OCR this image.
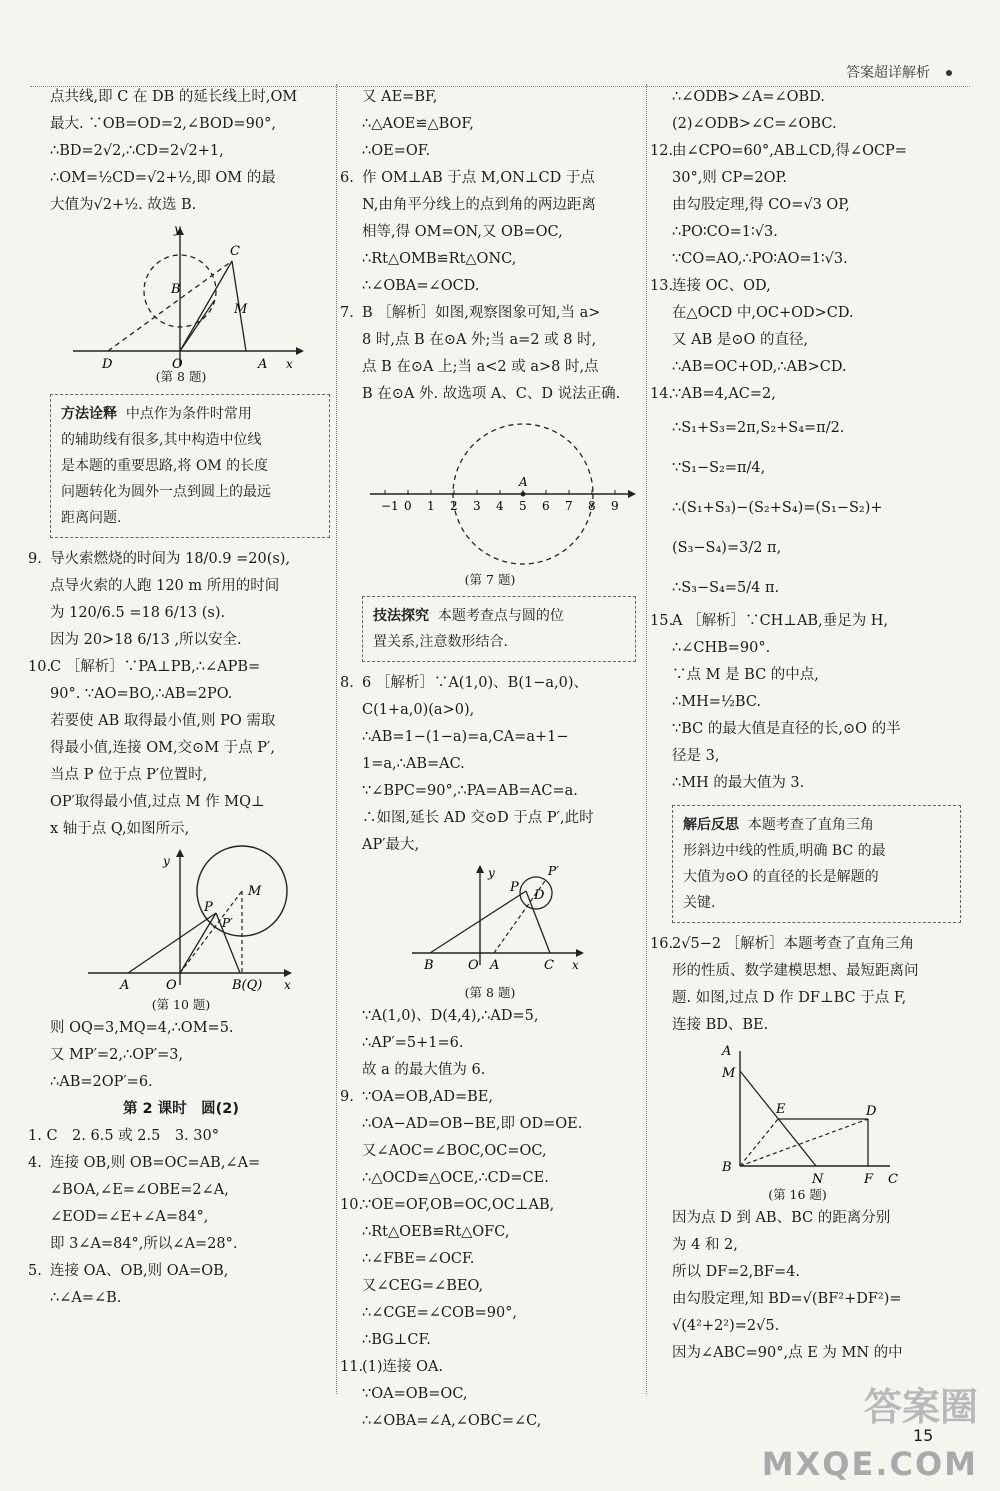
答案超详解析
点共线,即 C 在 DB 的延长线上时,OM
最大. ∵OB=OD=2,∠BOD=90°,
∴BD=2√2,∴CD=2√2+1,
∴OM=½CD=√2+½,即 OM 的最
大值为√2+½. 故选 B.
y
C
B
M
D	O	A x
(第 8 题)
方法诠释 中点作为条件时常用
的辅助线有很多,其中构造中位线
是本题的重要思路,将 OM 的长度
问题转化为圆外一点到圆上的最远
距离问题.
9. 导火索燃烧的时间为 18/0.9 =20(s),
点导火索的人跑 120 m 所用的时间
为 120/6.5 =18 6/13 (s).
因为 20>18 6/13 ,所以安全.
10.C ［解析］∵PA⊥PB,∴∠APB=
90°. ∵AO=BO,∴AB=2PO.
若要使 AB 取得最小值,则 PO 需取
得最小值,连接 OM,交⊙M 于点 P′,
当点 P 位于点 P′位置时,
OP′取得最小值,过点 M 作 MQ⊥
x 轴于点 Q,如图所示,
y
M
P
P′
A	O	B(Q) x
(第 10 题)
则 OQ=3,MQ=4,∴OM=5.
又 MP′=2,∴OP′=3,
∴AB=2OP′=6.
第 2 课时　圆(2)
1. C　2. 6.5 或 2.5　3. 30°
4. 连接 OB,则 OB=OC=AB,∠A=
∠BOA,∠E=∠OBE=2∠A,
∠EOD=∠E+∠A=84°,
即 3∠A=84°,所以∠A=28°.
5. 连接 OA、OB,则 OA=OB,
∴∠A=∠B.
又 AE=BF,
∴△AOE≌△BOF,
∴OE=OF.
6. 作 OM⊥AB 于点 M,ON⊥CD 于点
N,由角平分线上的点到角的两边距离
相等,得 OM=ON,又 OB=OC,
∴Rt△OMB≌Rt△ONC,
∴∠OBA=∠OCD.
7. B ［解析］如图,观察图象可知,当 a>
8 时,点 B 在⊙A 外;当 a=2 或 8 时,
点 B 在⊙A 上;当 a<2 或 a>8 时,点
B 在⊙A 外. 故选项 A、C、D 说法正确.
−1 0 1 2 3 4 5 6 7 8 9
A
(第 7 题)
技法探究 本题考查点与圆的位
置关系,注意数形结合.
8. 6 ［解析］∵A(1,0)、B(1−a,0)、
C(1+a,0)(a>0),
∴AB=1−(1−a)=a,CA=a+1−
1=a,∴AB=AC.
∵∠BPC=90°,∴PA=AB=AC=a.
∴如图,延长 AD 交⊙D 于点 P′,此时
AP′最大,
y	P′
P
D
B	O A	C x
(第 8 题)
∵A(1,0)、D(4,4),∴AD=5,
∴AP′=5+1=6.
故 a 的最大值为 6.
9. ∵OA=OB,AD=BE,
∴OA−AD=OB−BE,即 OD=OE.
又∠AOC=∠BOC,OC=OC,
∴△OCD≌△OCE,∴CD=CE.
10.∵OE=OF,OB=OC,OC⊥AB,
∴Rt△OEB≌Rt△OFC,
∴∠FBE=∠OCF.
又∠CEG=∠BEO,
∴∠CGE=∠COB=90°,
∴BG⊥CF.
11.(1)连接 OA.
∵OA=OB=OC,
∴∠OBA=∠A,∠OBC=∠C,
∴∠ODB>∠A=∠OBD.
(2)∠ODB>∠C=∠OBC.
12.由∠CPO=60°,AB⊥CD,得∠OCP=
30°,则 CP=2OP.
由勾股定理,得 CO=√3 OP,
∴PO∶CO=1∶√3.
∵CO=AO,∴PO∶AO=1∶√3.
13.连接 OC、OD,
在△OCD 中,OC+OD>CD.
又 AB 是⊙O 的直径,
∴AB=OC+OD,∴AB>CD.
14.∵AB=4,AC=2,
∴S₁+S₃=2π,S₂+S₄=π/2.
∵S₁−S₂=π/4,
∴(S₁+S₃)−(S₂+S₄)=(S₁−S₂)+
(S₃−S₄)=3/2 π,
∴S₃−S₄=5/4 π.
15.A ［解析］∵CH⊥AB,垂足为 H,
∴∠CHB=90°.
∵点 M 是 BC 的中点,
∴MH=½BC.
∵BC 的最大值是直径的长,⊙O 的半
径是 3,
∴MH 的最大值为 3.
解后反思 本题考查了直角三角
形斜边中线的性质,明确 BC 的最
大值为⊙O 的直径的长是解题的
关键.
16.2√5−2 ［解析］本题考查了直角三角
形的性质、数学建模思想、最短距离问
题. 如图,过点 D 作 DF⊥BC 于点 F,
连接 BD、BE.
A
M
E	D
B
N	F C
(第 16 题)
因为点 D 到 AB、BC 的距离分别
为 4 和 2,
所以 DF=2,BF=4.
由勾股定理,知 BD=√(BF²+DF²)=
√(4²+2²)=2√5.
因为∠ABC=90°,点 E 为 MN 的中
15
答案圈
MXQE.COM
